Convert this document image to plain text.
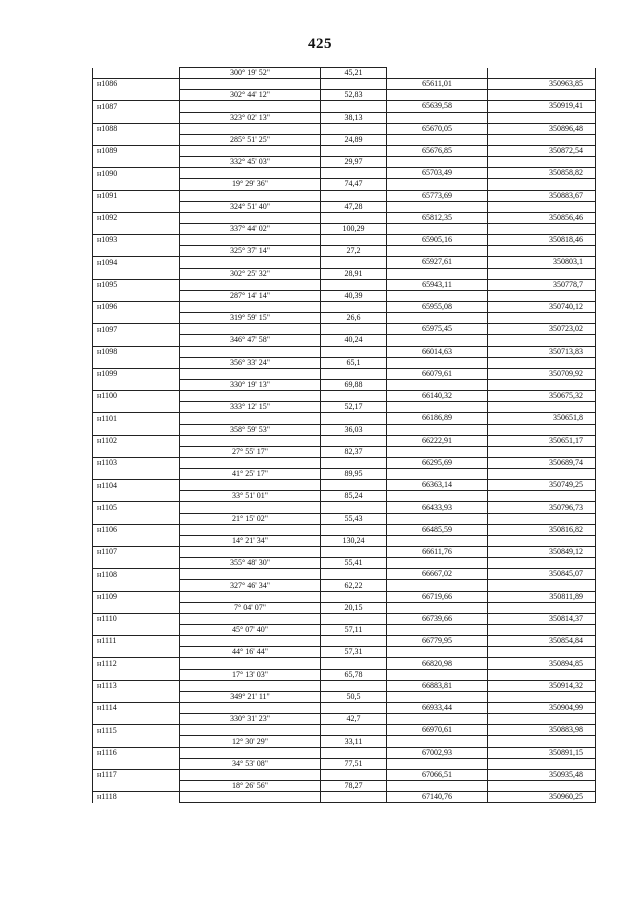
425
	300° 19' 52"	45,21		
н1086			65611,01	350963,85
	302° 44' 12"	52,83		
н1087			65639,58	350919,41
	323° 02' 13"	38,13		
н1088			65670,05	350896,48
	285° 51' 25"	24,89		
н1089			65676,85	350872,54
	332° 45' 03"	29,97		
н1090			65703,49	350858,82
	19° 29' 36"	74,47		
н1091			65773,69	350883,67
	324° 51' 40"	47,28		
н1092			65812,35	350856,46
	337° 44' 02"	100,29		
н1093			65905,16	350818,46
	325° 37' 14"	27,2		
н1094			65927,61	350803,1
	302° 25' 32"	28,91		
н1095			65943,11	350778,7
	287° 14' 14"	40,39		
н1096			65955,08	350740,12
	319° 59' 15"	26,6		
н1097			65975,45	350723,02
	346° 47' 58"	40,24		
н1098			66014,63	350713,83
	356° 33' 24"	65,1		
н1099			66079,61	350709,92
	330° 19' 13"	69,88		
н1100			66140,32	350675,32
	333° 12' 15"	52,17		
н1101			66186,89	350651,8
	358° 59' 53"	36,03		
н1102			66222,91	350651,17
	27° 55' 17"	82,37		
н1103			66295,69	350689,74
	41° 25' 17"	89,95		
н1104			66363,14	350749,25
	33° 51' 01"	85,24		
н1105			66433,93	350796,73
	21° 15' 02"	55,43		
н1106			66485,59	350816,82
	14° 21' 34"	130,24		
н1107			66611,76	350849,12
	355° 48' 30"	55,41		
н1108			66667,02	350845,07
	327° 46' 34"	62,22		
н1109			66719,66	350811,89
	7° 04' 07"	20,15		
н1110			66739,66	350814,37
	45° 07' 40"	57,11		
н1111			66779,95	350854,84
	44° 16' 44"	57,31		
н1112			66820,98	350894,85
	17° 13' 03"	65,78		
н1113			66883,81	350914,32
	349° 21' 11"	50,5		
н1114			66933,44	350904,99
	330° 31' 23"	42,7		
н1115			66970,61	350883,98
	12° 30' 29"	33,11		
н1116			67002,93	350891,15
	34° 53' 08"	77,51		
н1117			67066,51	350935,48
	18° 26' 56"	78,27		
н1118			67140,76	350960,25
